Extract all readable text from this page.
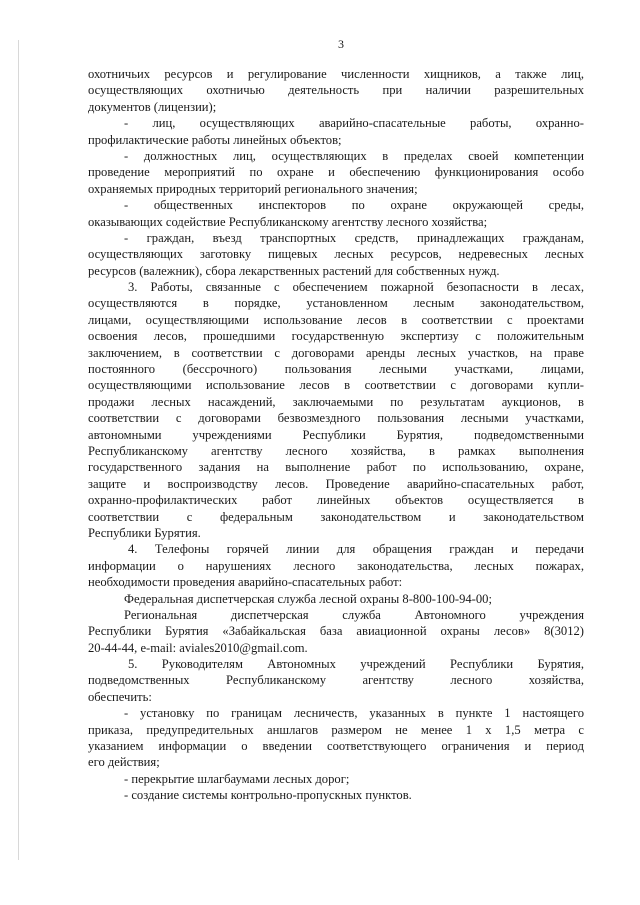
3
охотничьих ресурсов и регулирование численности хищников, а также лиц,
осуществляющих охотничью деятельность при наличии разрешительных
документов (лицензии);
- лиц, осуществляющих аварийно-спасательные работы, охранно-
профилактические работы линейных объектов;
- должностных лиц, осуществляющих в пределах своей компетенции
проведение мероприятий по охране и обеспечению функционирования особо
охраняемых природных территорий регионального значения;
- общественных инспекторов по охране окружающей среды,
оказывающих содействие Республиканскому агентству лесного хозяйства;
- граждан, въезд транспортных средств, принадлежащих гражданам,
осуществляющих заготовку пищевых лесных ресурсов, недревесных лесных
ресурсов (валежник), сбора лекарственных растений для собственных нужд.
3. Работы, связанные с обеспечением пожарной безопасности в лесах,
осуществляются в порядке, установленном лесным законодательством,
лицами, осуществляющими использование лесов в соответствии с проектами
освоения лесов, прошедшими государственную экспертизу с положительным
заключением, в соответствии с договорами аренды лесных участков, на праве
постоянного (бессрочного) пользования лесными участками, лицами,
осуществляющими использование лесов в соответствии с договорами купли-
продажи лесных насаждений, заключаемыми по результатам аукционов, в
соответствии с договорами безвозмездного пользования лесными участками,
автономными учреждениями Республики Бурятия, подведомственными
Республиканскому агентству лесного хозяйства, в рамках выполнения
государственного задания на выполнение работ по использованию, охране,
защите и воспроизводству лесов. Проведение аварийно-спасательных работ,
охранно-профилактических работ линейных объектов осуществляется в
соответствии с федеральным законодательством и законодательством
Республики Бурятия.
4. Телефоны горячей линии для обращения граждан и передачи
информации о нарушениях лесного законодательства, лесных пожарах,
необходимости проведения аварийно-спасательных работ:
Федеральная диспетчерская служба лесной охраны 8-800-100-94-00;
Региональная диспетчерская служба Автономного учреждения
Республики Бурятия «Забайкальская база авиационной охраны лесов» 8(3012)
20-44-44, e-mail: aviales2010@gmail.com.
5. Руководителям Автономных учреждений Республики Бурятия,
подведомственных Республиканскому агентству лесного хозяйства,
обеспечить:
- установку по границам лесничеств, указанных в пункте 1 настоящего
приказа, предупредительных аншлагов размером не менее 1 х 1,5 метра с
указанием информации о введении соответствующего ограничения и период
его действия;
- перекрытие шлагбаумами лесных дорог;
- создание системы контрольно-пропускных пунктов.
